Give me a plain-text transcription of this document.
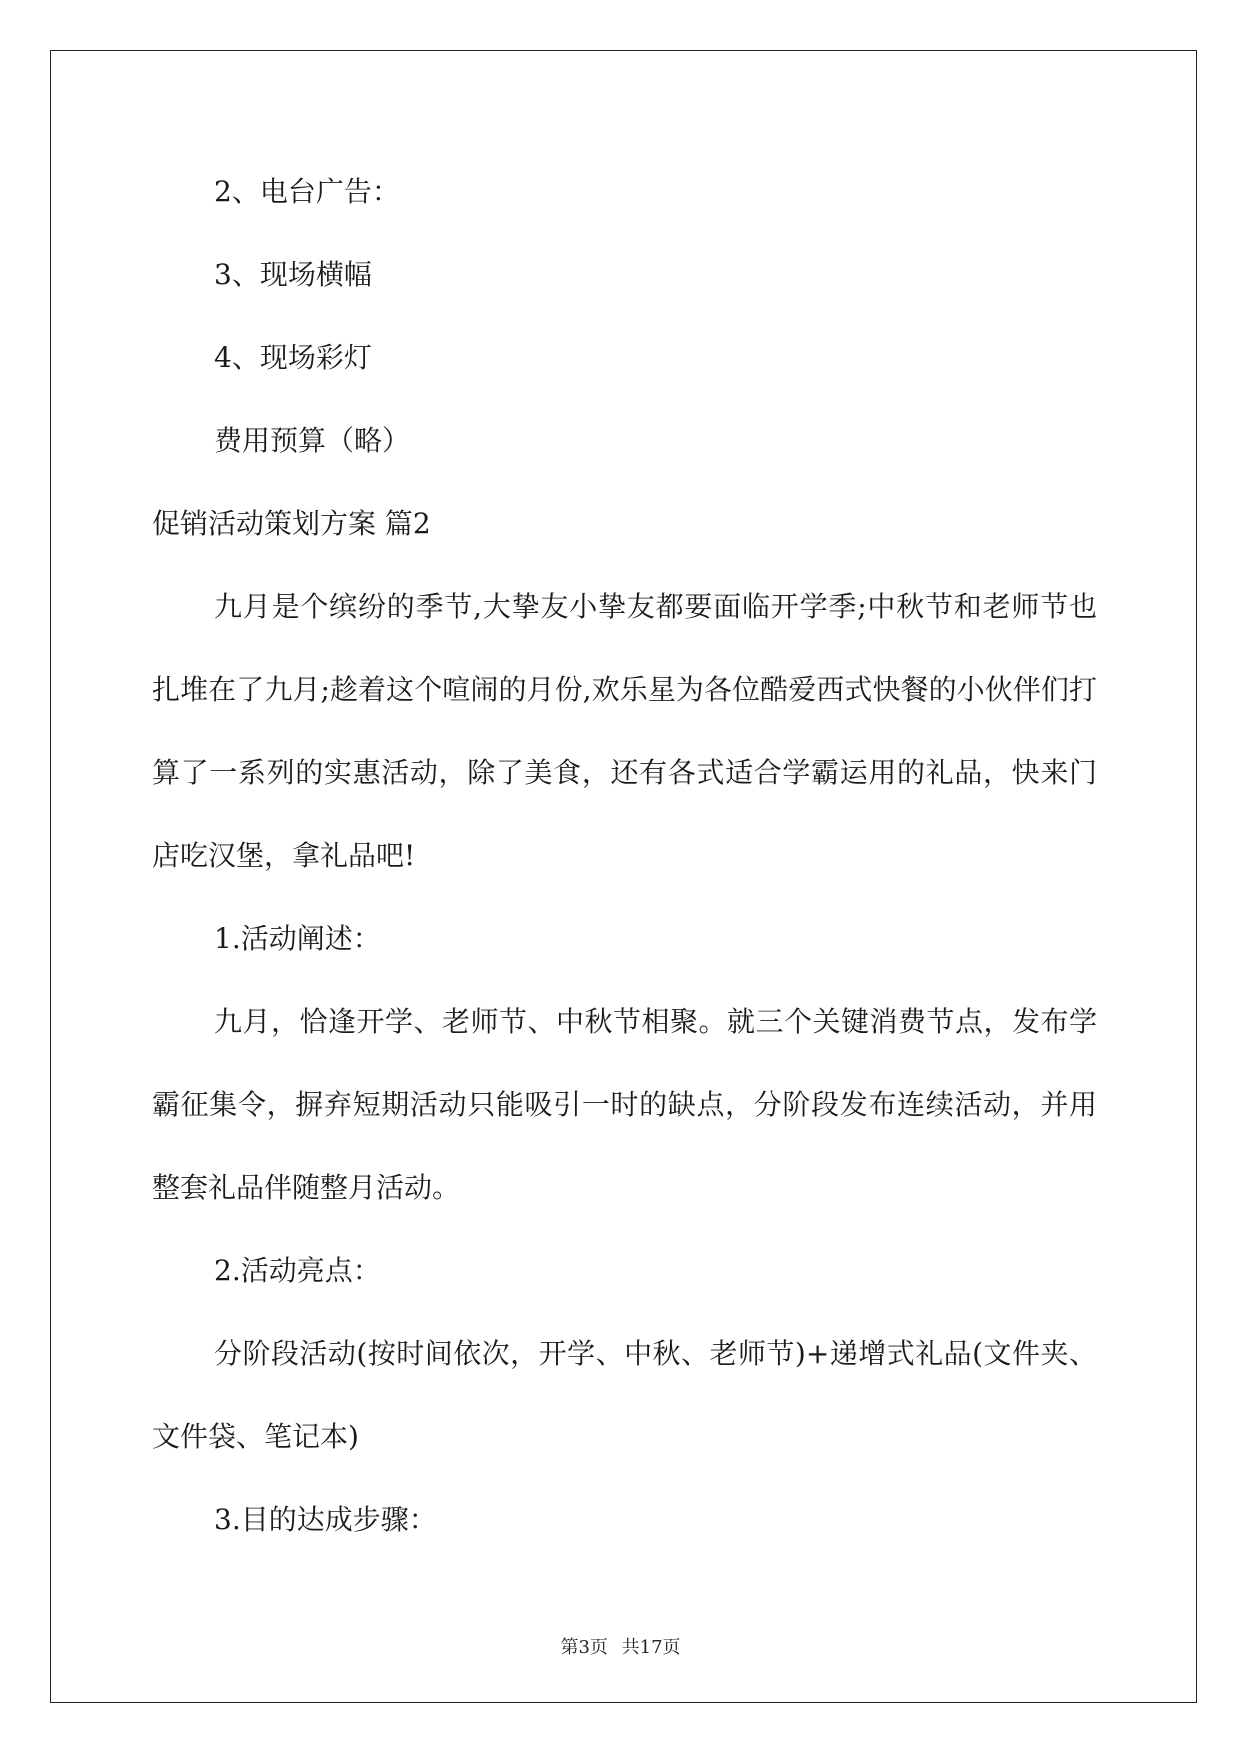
2、电台广告：

3、现场横幅

4、现场彩灯

费用预算（略）

促销活动策划方案 篇2

九月是个缤纷的季节,大挚友小挚友都要面临开学季;中秋节和老师节也扎堆在了九月;趁着这个喧闹的月份,欢乐星为各位酷爱西式快餐的小伙伴们打算了一系列的实惠活动，除了美食，还有各式适合学霸运用的礼品，快来门店吃汉堡，拿礼品吧!

1.活动阐述：

九月，恰逢开学、老师节、中秋节相聚。就三个关键消费节点，发布学霸征集令，摒弃短期活动只能吸引一时的缺点，分阶段发布连续活动，并用整套礼品伴随整月活动。

2.活动亮点：

分阶段活动(按时间依次，开学、中秋、老师节)+递增式礼品(文件夹、文件袋、笔记本)

3.目的达成步骤：

第3页 共17页
